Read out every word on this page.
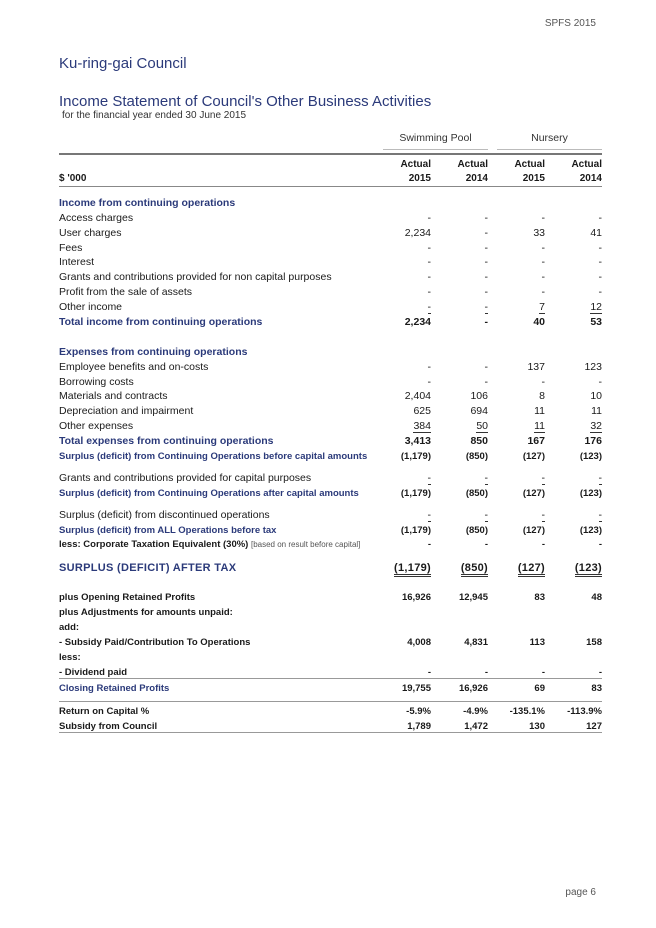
SPFS 2015
Ku-ring-gai Council
Income Statement of Council's Other Business Activities
for the financial year ended 30 June 2015
Swimming Pool	Nursery
Actual	Actual	Actual	Actual
$ '000	2015	2014	2015	2014
Income from continuing operations
Access charges	-	-	-	-
User charges	2,234	-	33	41
Fees	-	-	-	-
Interest	-	-	-	-
Grants and contributions provided for non capital purposes	-	-	-	-
Profit from the sale of assets	-	-	-	-
Other income	-	-	7	12
Total income from continuing operations	2,234	-	40	53
Expenses from continuing operations
Employee benefits and on-costs	-	-	137	123
Borrowing costs	-	-	-	-
Materials and contracts	2,404	106	8	10
Depreciation and impairment	625	694	11	11
Other expenses	384	50	11	32
Total expenses from continuing operations	3,413	850	167	176
Surplus (deficit) from Continuing Operations before capital amounts	(1,179)	(850)	(127)	(123)
Grants and contributions provided for capital purposes	-	-	-	-
Surplus (deficit) from Continuing Operations after capital amounts	(1,179)	(850)	(127)	(123)
Surplus (deficit) from discontinued operations	-	-	-	-
Surplus (deficit) from ALL Operations before tax	(1,179)	(850)	(127)	(123)
less: Corporate Taxation Equivalent (30%) [based on result before capital]	-	-	-	-
SURPLUS (DEFICIT) AFTER TAX	(1,179)	(850)	(127)	(123)
plus Opening Retained Profits	16,926	12,945	83	48
plus Adjustments for amounts unpaid:
add:
- Subsidy Paid/Contribution To Operations	4,008	4,831	113	158
less:
- Dividend paid	-	-	-	-
Closing Retained Profits	19,755	16,926	69	83
Return on Capital %	-5.9%	-4.9%	-135.1%	-113.9%
Subsidy from Council	1,789	1,472	130	127
page 6
